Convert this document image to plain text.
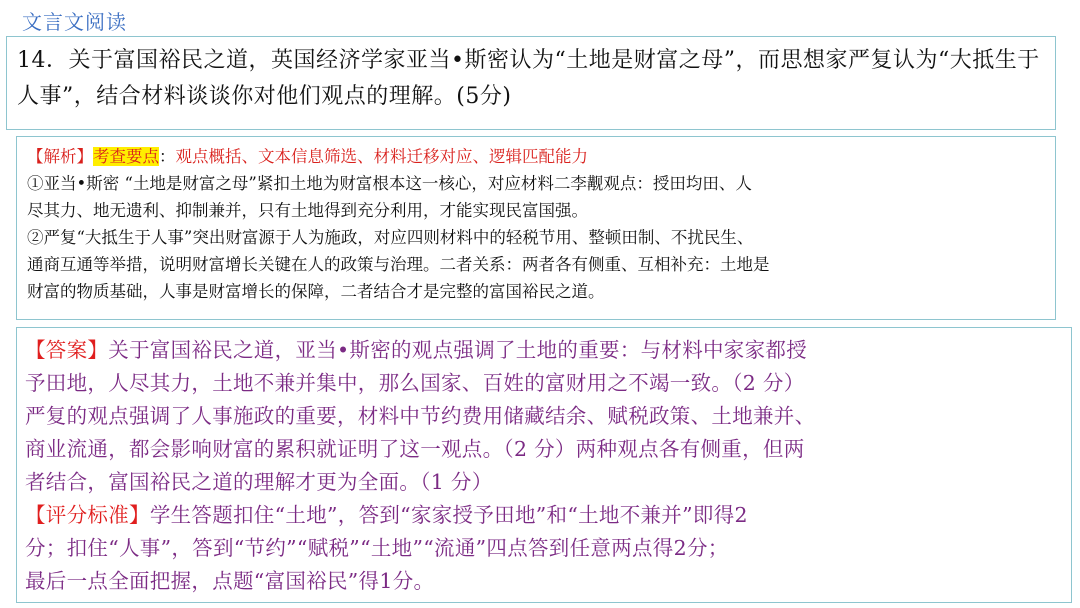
文言文阅读
14．关于富国裕民之道，英国经济学家亚当•斯密认为“土地是财富之母”，而思想家严复认为“大抵生于人事”，结合材料谈谈你对他们观点的理解。(5分)
【解析】考查要点：观点概括、文本信息筛选、材料迁移对应、逻辑匹配能力
①亚当•斯密 “土地是财富之母”紧扣土地为财富根本这一核心，对应材料二李觏观点：授田均田、人
尽其力、地无遗利、抑制兼并，只有土地得到充分利用，才能实现民富国强。
②严复“大抵生于人事”突出财富源于人为施政，对应四则材料中的轻税节用、整顿田制、不扰民生、
通商互通等举措，说明财富增长关键在人的政策与治理。二者关系：两者各有侧重、互相补充：土地是
财富的物质基础，人事是财富增长的保障，二者结合才是完整的富国裕民之道。
【答案】关于富国裕民之道，亚当•斯密的观点强调了土地的重要：与材料中家家都授
予田地，人尽其力，土地不兼并集中，那么国家、百姓的富财用之不竭一致。（2 分）
严复的观点强调了人事施政的重要，材料中节约费用储藏结余、赋税政策、土地兼并、
商业流通，都会影响财富的累积就证明了这一观点。（2 分）两种观点各有侧重，但两
者结合，富国裕民之道的理解才更为全面。（1 分）
【评分标准】学生答题扣住“土地”，答到“家家授予田地”和“土地不兼并”即得2
分；扣住“人事”，答到“节约”“赋税”“土地”“流通”四点答到任意两点得2分；
最后一点全面把握，点题“富国裕民”得1分。
